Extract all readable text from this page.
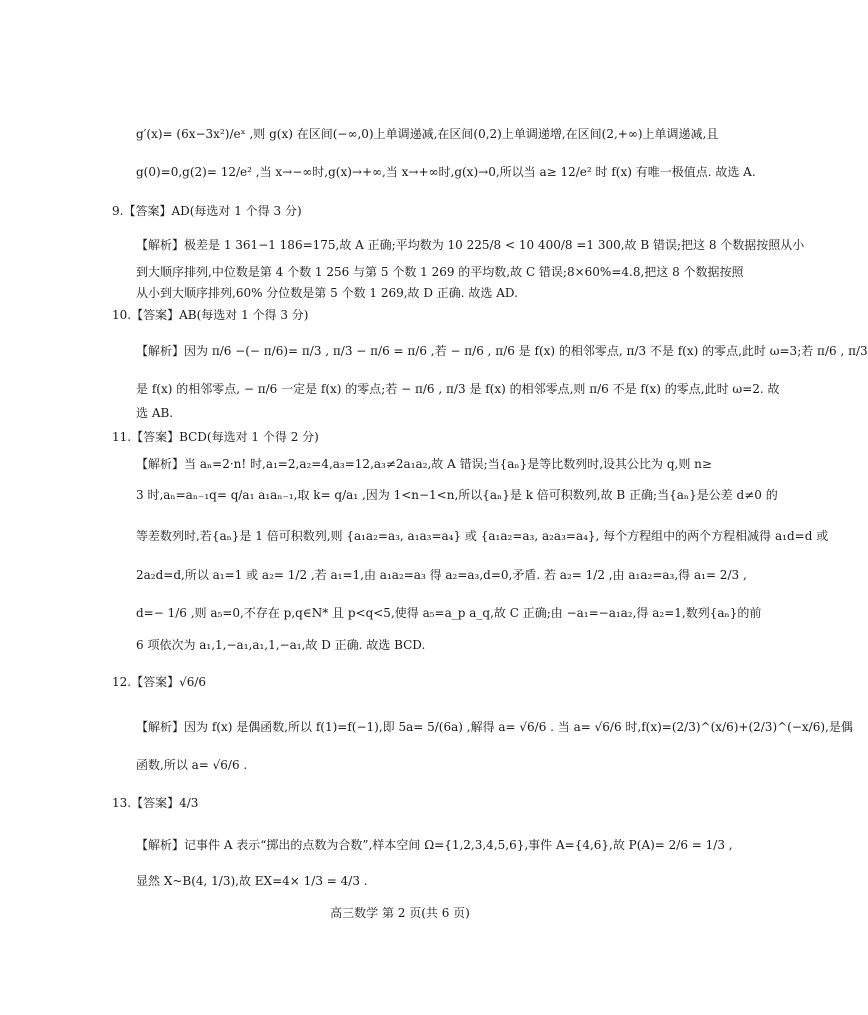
g′(x)= (6x−3x²)/eˣ ,则 g(x) 在区间(−∞,0)上单调递减,在区间(0,2)上单调递增,在区间(2,+∞)上单调递减,且
g(0)=0,g(2)= 12/e² ,当 x→−∞时,g(x)→+∞,当 x→+∞时,g(x)→0,所以当 a≥ 12/e² 时 f(x) 有唯一极值点. 故选 A.
9.【答案】AD(每选对 1 个得 3 分)
【解析】极差是 1 361−1 186=175,故 A 正确;平均数为 10 225/8 < 10 400/8 =1 300,故 B 错误;把这 8 个数据按照从小
到大顺序排列,中位数是第 4 个数 1 256 与第 5 个数 1 269 的平均数,故 C 错误;8×60%=4.8,把这 8 个数据按照
从小到大顺序排列,60% 分位数是第 5 个数 1 269,故 D 正确. 故选 AD.
10.【答案】AB(每选对 1 个得 3 分)
【解析】因为 π/6 −(− π/6)= π/3 , π/3 − π/6 = π/6 ,若 − π/6 , π/6 是 f(x) 的相邻零点, π/3 不是 f(x) 的零点,此时 ω=3;若 π/6 , π/3
是 f(x) 的相邻零点, − π/6 一定是 f(x) 的零点;若 − π/6 , π/3 是 f(x) 的相邻零点,则 π/6 不是 f(x) 的零点,此时 ω=2. 故
选 AB.
11.【答案】BCD(每选对 1 个得 2 分)
【解析】当 aₙ=2·n! 时,a₁=2,a₂=4,a₃=12,a₃≠2a₁a₂,故 A 错误;当{aₙ}是等比数列时,设其公比为 q,则 n≥
3 时,aₙ=aₙ₋₁q= q/a₁ a₁aₙ₋₁,取 k= q/a₁ ,因为 1<n−1<n,所以{aₙ}是 k 倍可积数列,故 B 正确;当{aₙ}是公差 d≠0 的
等差数列时,若{aₙ}是 1 倍可积数列,则 {a₁a₂=a₃, a₁a₃=a₄} 或 {a₁a₂=a₃, a₂a₃=a₄}, 每个方程组中的两个方程相减得 a₁d=d 或
2a₂d=d,所以 a₁=1 或 a₂= 1/2 ,若 a₁=1,由 a₁a₂=a₃ 得 a₂=a₃,d=0,矛盾. 若 a₂= 1/2 ,由 a₁a₂=a₃,得 a₁= 2/3 ,
d=− 1/6 ,则 a₅=0,不存在 p,q∈N* 且 p<q<5,使得 a₅=a_p a_q,故 C 正确;由 −a₁=−a₁a₂,得 a₂=1,数列{aₙ}的前
6 项依次为 a₁,1,−a₁,a₁,1,−a₁,故 D 正确. 故选 BCD.
12.【答案】√6/6
【解析】因为 f(x) 是偶函数,所以 f(1)=f(−1),即 5a= 5/(6a) ,解得 a= √6/6 . 当 a= √6/6 时,f(x)=(2/3)^(x/6)+(2/3)^(−x/6),是偶
函数,所以 a= √6/6 .
13.【答案】4/3
【解析】记事件 A 表示“掷出的点数为合数”,样本空间 Ω={1,2,3,4,5,6},事件 A={4,6},故 P(A)= 2/6 = 1/3 ,
显然 X~B(4, 1/3),故 EX=4× 1/3 = 4/3 .
高三数学 第 2 页(共 6 页)
